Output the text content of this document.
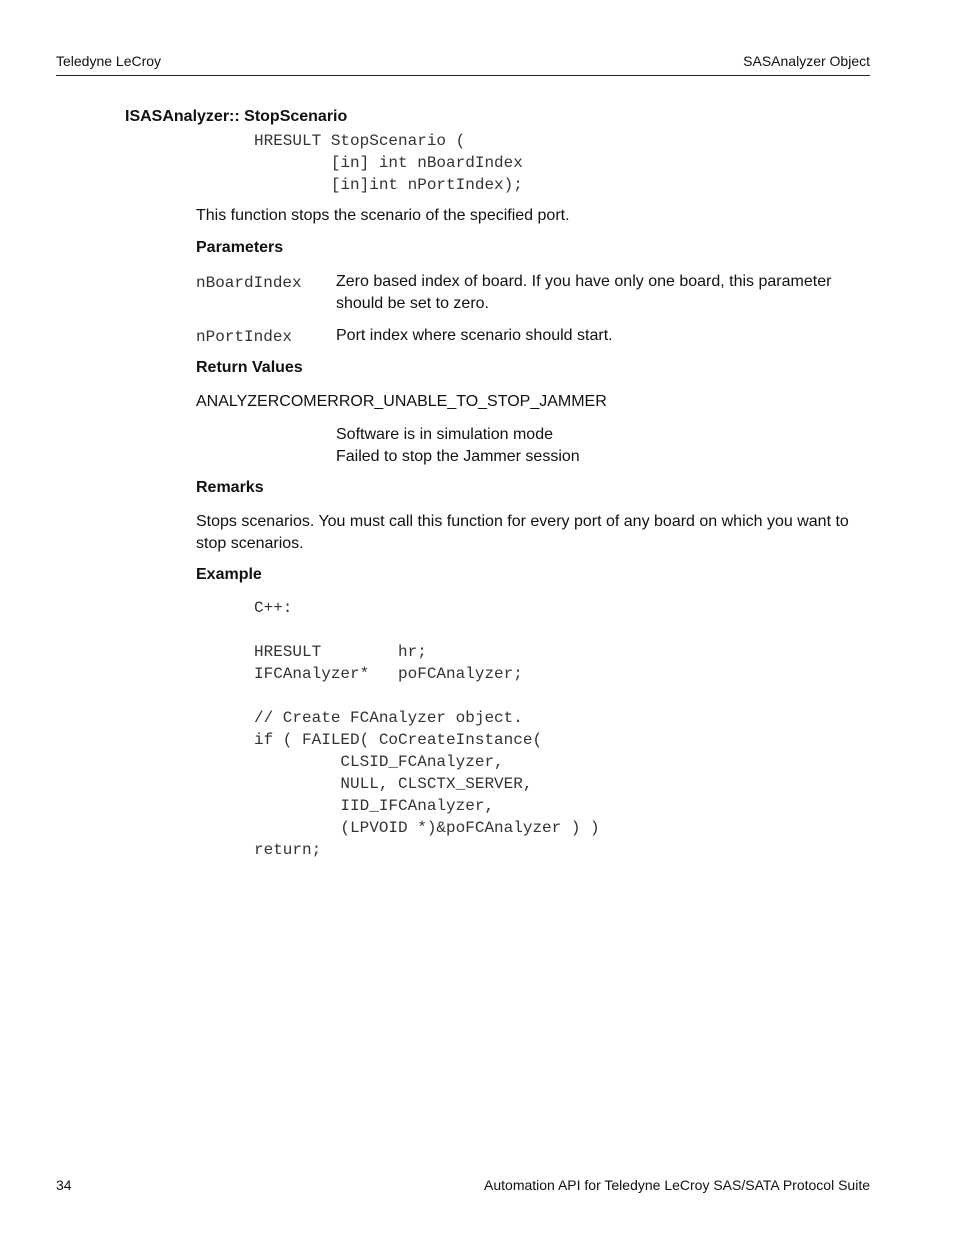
Teledyne LeCroy	SASAnalyzer Object
ISASAnalyzer:: StopScenario
HRESULT StopScenario (
[in] int nBoardIndex
[in]int nPortIndex);
This function stops the scenario of the specified port.
Parameters
nBoardIndex Zero based index of board. If you have only one board, this parameter should be set to zero.
nPortIndex	Port index where scenario should start.
Return Values
ANALYZERCOMERROR_UNABLE_TO_STOP_JAMMER
Software is in simulation mode
Failed to stop the Jammer session
Remarks
Stops scenarios. You must call this function for every port of any board on which you want to stop scenarios.
Example
C++:

HRESULT        hr;
IFCAnalyzer*   poFCAnalyzer;

// Create FCAnalyzer object.
if ( FAILED( CoCreateInstance(
CLSID_FCAnalyzer,
NULL, CLSCTX_SERVER,
IID_IFCAnalyzer,
(LPVOID *)&poFCAnalyzer ) )
return;
34	Automation API for Teledyne LeCroy SAS/SATA Protocol Suite
